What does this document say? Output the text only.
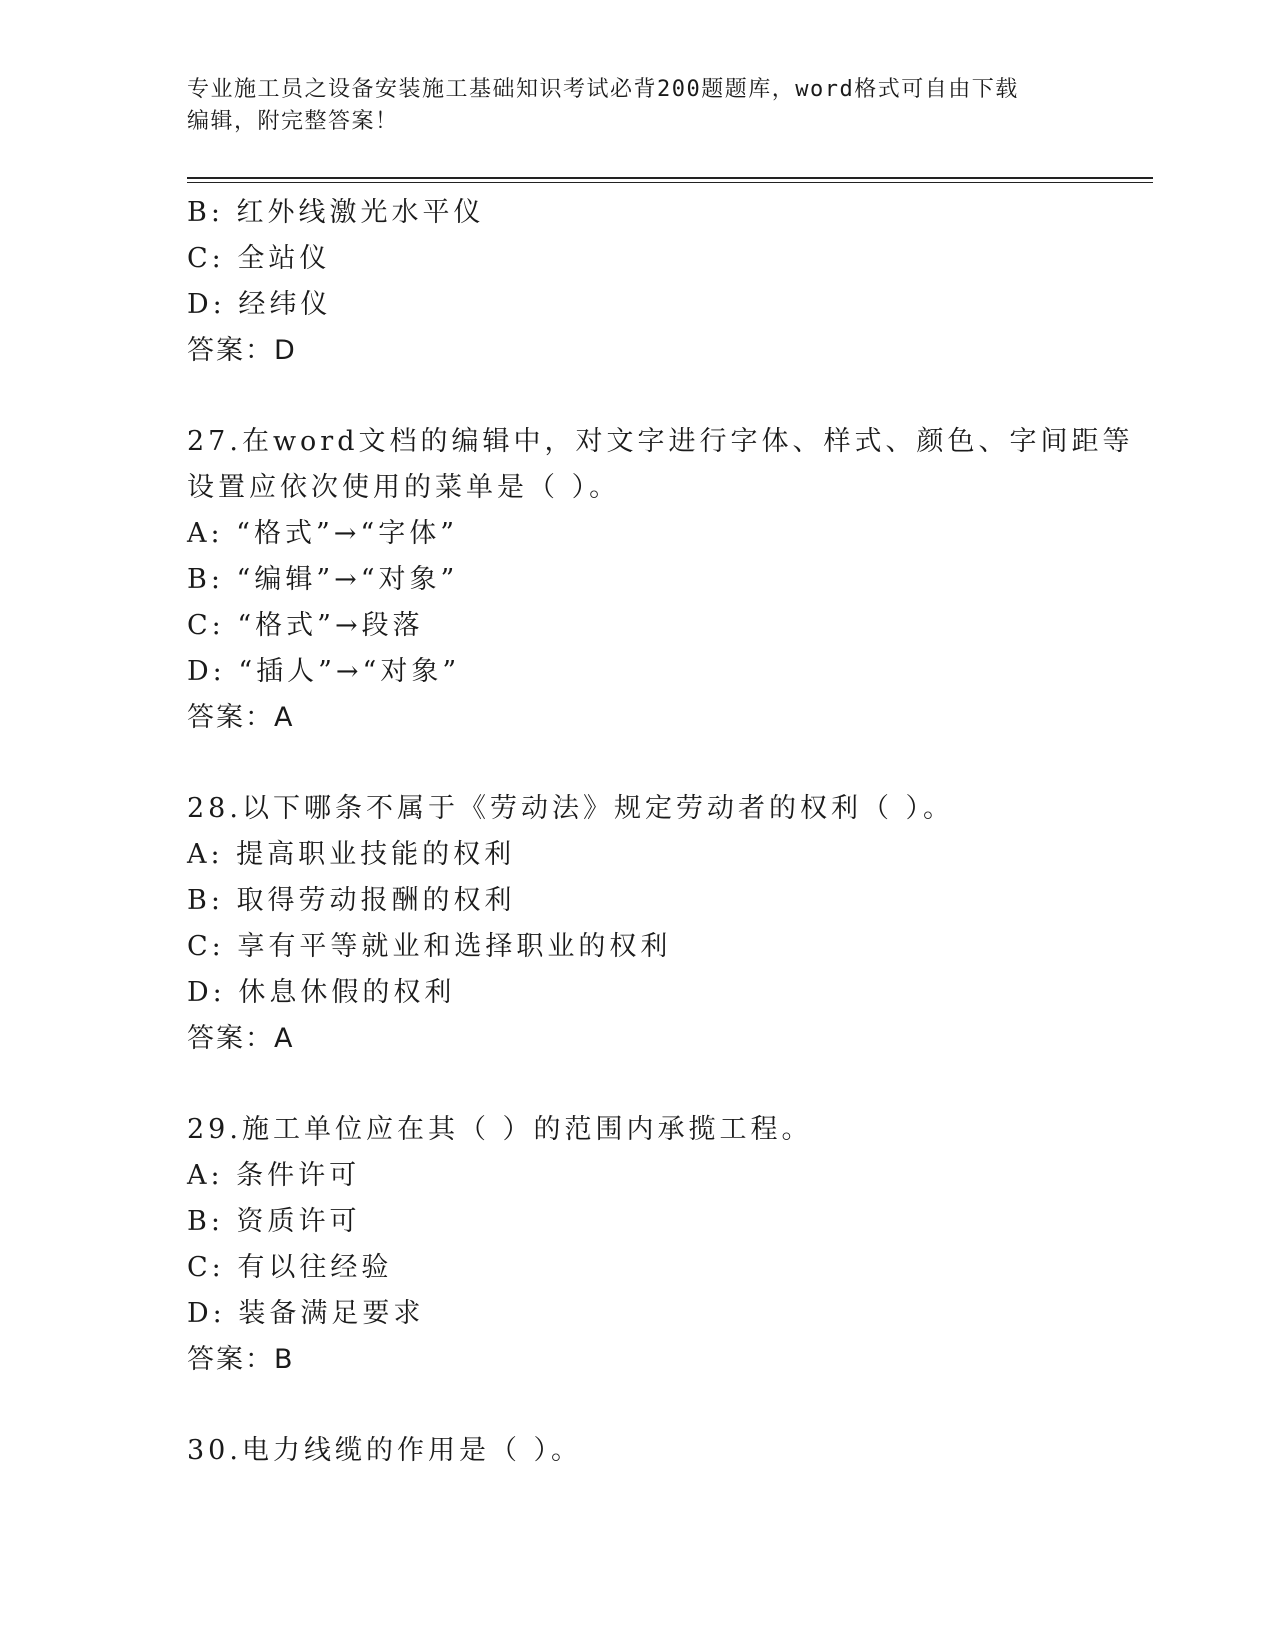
专业施工员之设备安装施工基础知识考试必背200题题库，word格式可自由下载
编辑，附完整答案！
B: 红外线激光水平仪
C: 全站仪
D: 经纬仪
答案：D
27.在word文档的编辑中，对文字进行字体、样式、颜色、字间距等
设置应依次使用的菜单是（ ）。
A: “格式”→“字体”
B: “编辑”→“对象”
C: “格式”→段落
D: “插人”→“对象”
答案：A
28.以下哪条不属于《劳动法》规定劳动者的权利（ ）。
A: 提高职业技能的权利
B: 取得劳动报酬的权利
C: 享有平等就业和选择职业的权利
D: 休息休假的权利
答案：A
29.施工单位应在其（ ）的范围内承揽工程。
A: 条件许可
B: 资质许可
C: 有以往经验
D: 装备满足要求
答案：B
30.电力线缆的作用是（ ）。
